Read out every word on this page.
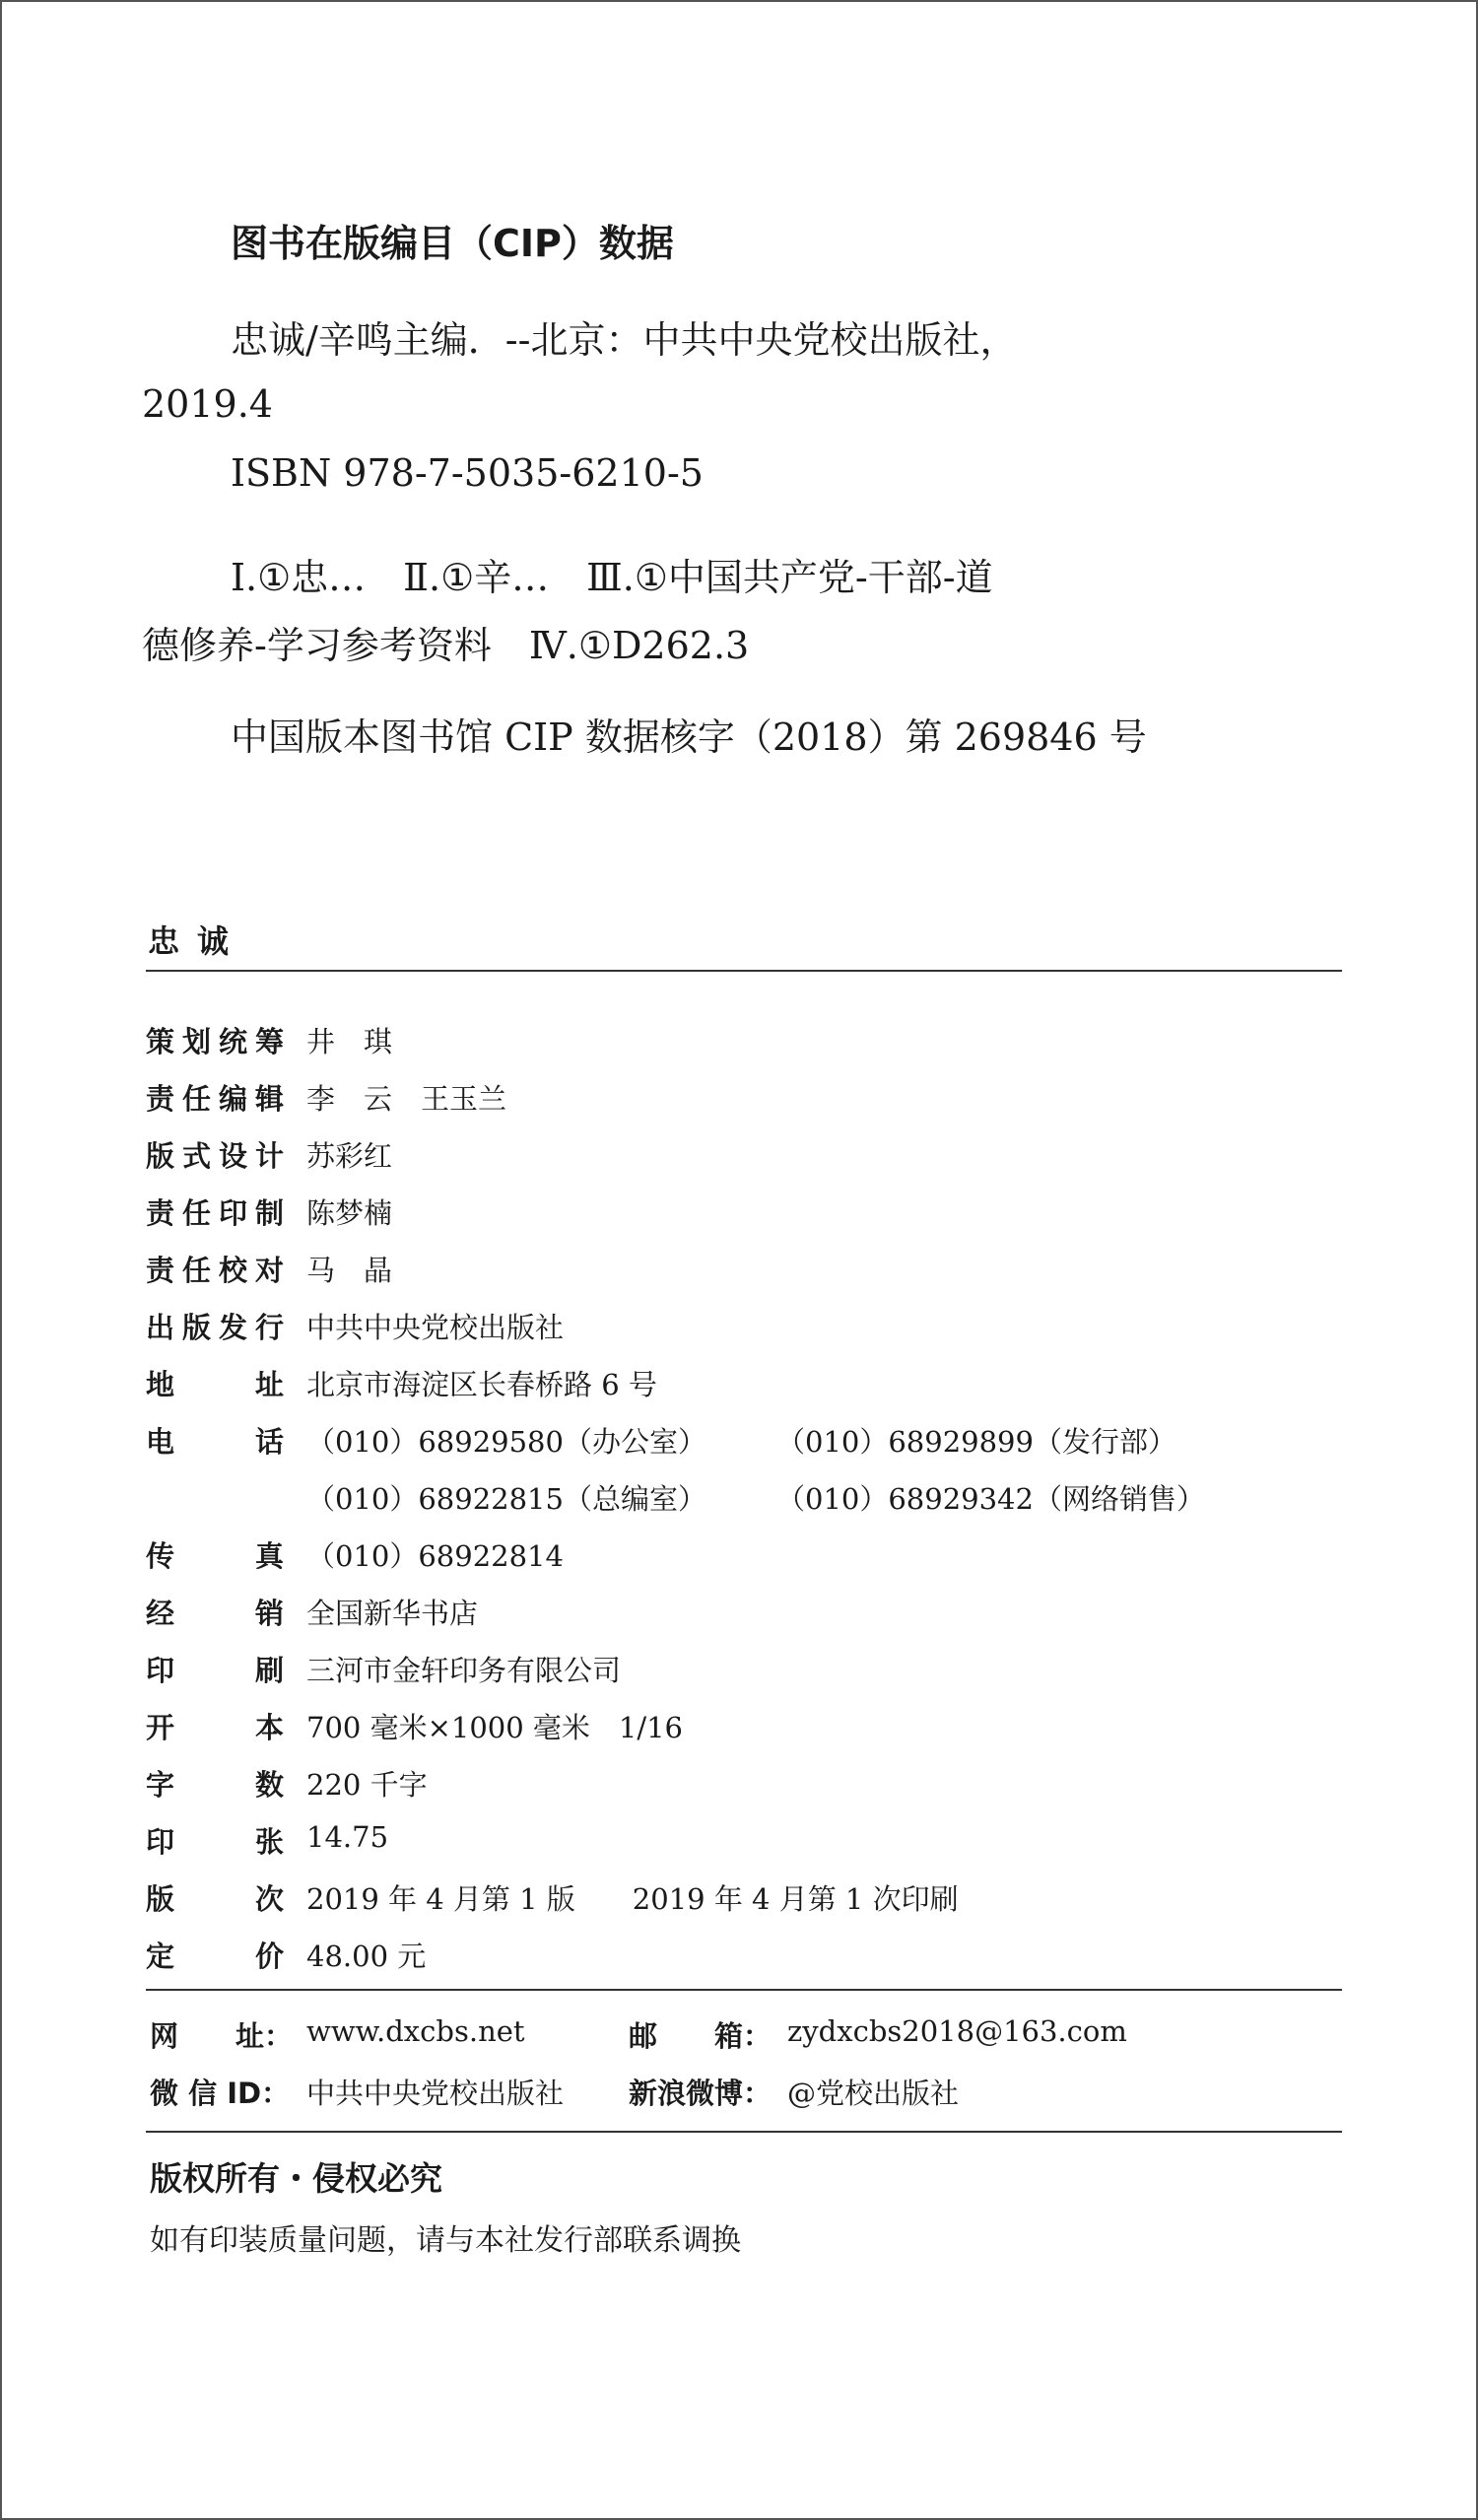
图书在版编目（CIP）数据
忠诚/辛鸣主编．--北京：中共中央党校出版社，
2019.4
ISBN 978-7-5035-6210-5
Ⅰ.①忠…　Ⅱ.①辛…　Ⅲ.①中国共产党-干部-道
德修养-学习参考资料　Ⅳ.①D262.3
中国版本图书馆 CIP 数据核字（2018）第 269846 号
忠诚
策划统筹 井　琪
责任编辑 李　云　王玉兰
版式设计 苏彩红
责任印制 陈梦楠
责任校对 马　晶
出版发行 中共中央党校出版社
地址 北京市海淀区长春桥路 6 号
电话 （010）68929580（办公室） （010）68929899（发行部）
（010）68922815（总编室） （010）68929342（网络销售）
传真 （010）68922814
经销 全国新华书店
印刷 三河市金轩印务有限公司
开本 700 毫米×1000 毫米　1/16
字数 220 千字
印张 14.75
版次 2019 年 4 月第 1 版　　2019 年 4 月第 1 次印刷
定价 48.00 元
网　　址： www.dxcbs.net	邮　　箱： zydxcbs2018@163.com
微 信 ID： 中共中央党校出版社 新浪微博： @党校出版社
版权所有・侵权必究
如有印装质量问题，请与本社发行部联系调换
